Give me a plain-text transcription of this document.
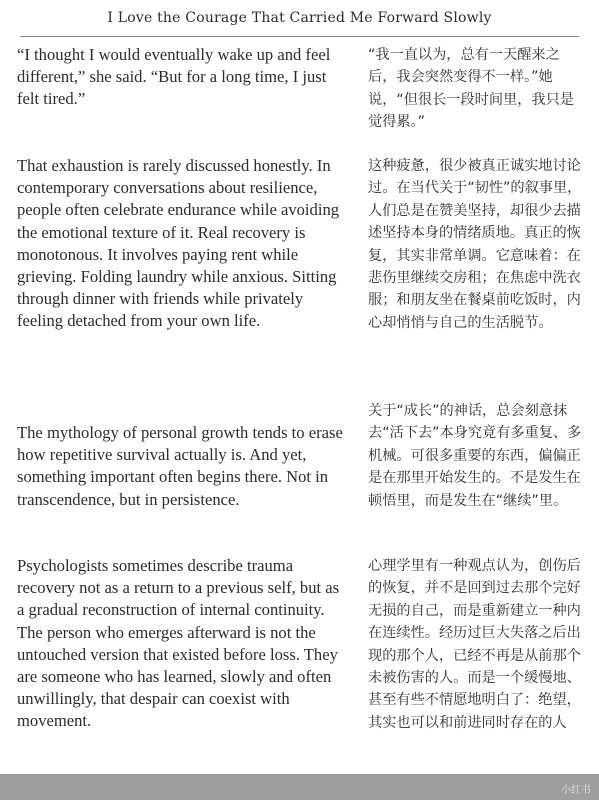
I Love the Courage That Carried Me Forward Slowly

“I thought I would eventually wake up and feel different,” she said. “But for a long time, I just felt tired.”

That exhaustion is rarely discussed honestly. In contemporary conversations about resilience, people often celebrate endurance while avoiding the emotional texture of it. Real recovery is monotonous. It involves paying rent while grieving. Folding laundry while anxious. Sitting through dinner with friends while privately feeling detached from your own life.

The mythology of personal growth tends to erase how repetitive survival actually is. And yet, something important often begins there. Not in transcendence, but in persistence.

Psychologists sometimes describe trauma recovery not as a return to a previous self, but as a gradual reconstruction of internal continuity. The person who emerges afterward is not the untouched version that existed before loss. They are someone who has learned, slowly and often unwillingly, that despair can coexist with movement.

“我一直以为，总有一天醒来之后，我会突然变得不一样。”她说，“但很长一段时间里，我只是觉得累。”

这种疲惫，很少被真正诚实地讨论过。在当代关于“韧性”的叙事里，人们总是在赞美坚持，却很少去描述坚持本身的情绪质地。真正的恢复，其实非常单调。它意味着：在悲伤里继续交房租；在焦虑中洗衣服；和朋友坐在餐桌前吃饭时，内心却悄悄与自己的生活脱节。

关于“成长”的神话，总会刻意抹去“活下去”本身究竟有多重复、多机械。可很多重要的东西，偏偏正是在那里开始发生的。不是发生在顿悟里，而是发生在“继续”里。

心理学里有一种观点认为，创伤后的恢复，并不是回到过去那个完好无损的自己，而是重新建立一种内在连续性。经历过巨大失落之后出现的那个人，已经不再是从前那个未被伤害的人。而是一个缓慢地、甚至有些不情愿地明白了：绝望，其实也可以和前进同时存在的人

小红书
